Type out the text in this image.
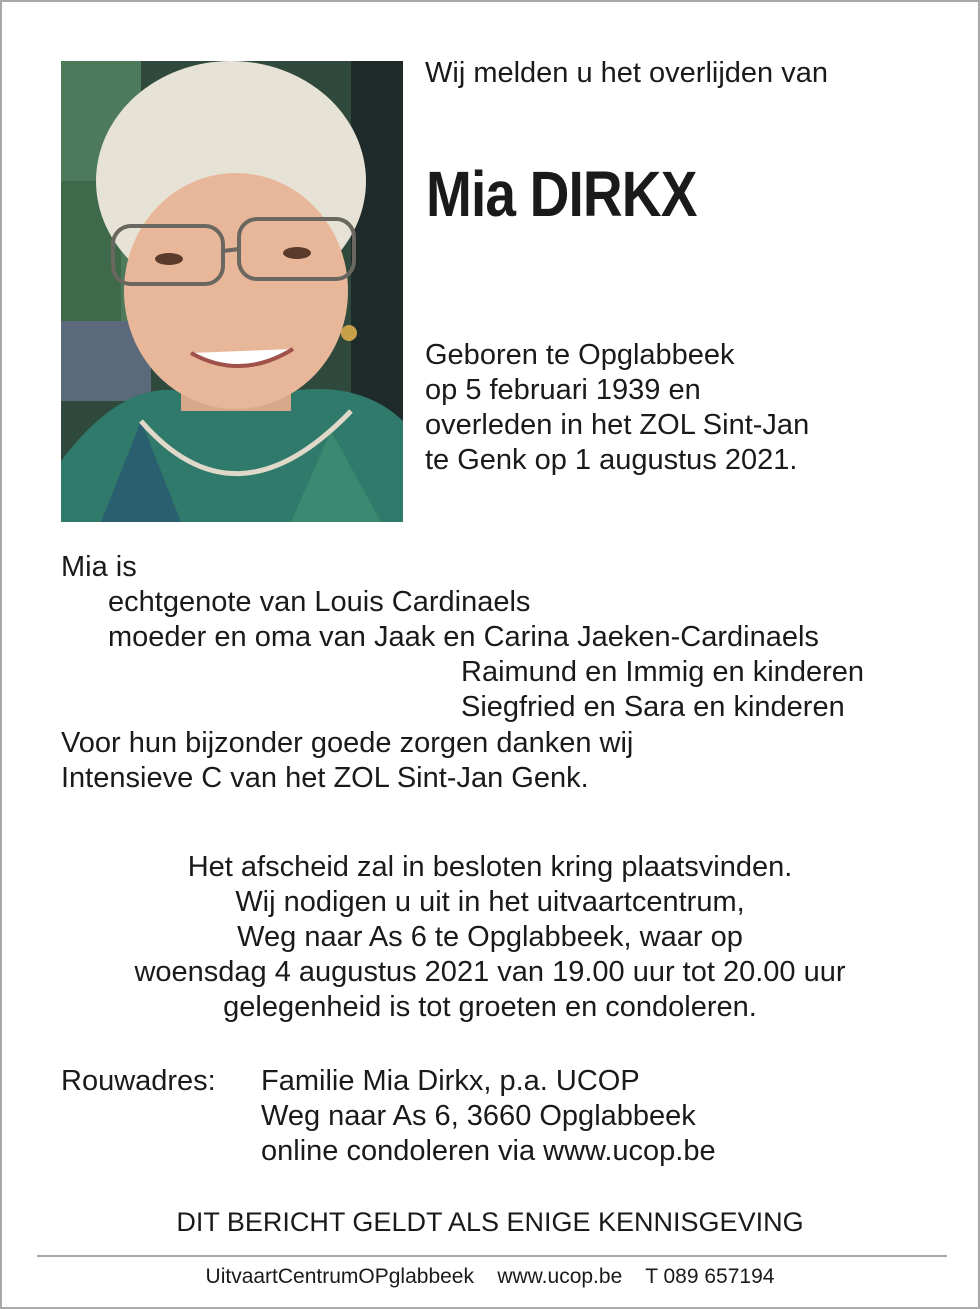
Wij melden u het overlijden van
Mia DIRKX
Geboren te Opglabbeek
op 5 februari 1939 en
overleden in het ZOL Sint-Jan
te Genk op 1 augustus 2021.
Mia is
echtgenote van Louis Cardinaels
moeder en oma van Jaak en Carina Jaeken-Cardinaels
Raimund en Immig en kinderen
Siegfried en Sara en kinderen
Voor hun bijzonder goede zorgen danken wij
Intensieve C van het ZOL Sint-Jan Genk.
Het afscheid zal in besloten kring plaatsvinden.
Wij nodigen u uit in het uitvaartcentrum,
Weg naar As 6 te Opglabbeek, waar op
woensdag 4 augustus 2021 van 19.00 uur tot 20.00 uur
gelegenheid is tot groeten en condoleren.
Rouwadres: Familie Mia Dirkx, p.a. UCOP
Weg naar As 6, 3660 Opglabbeek
online condoleren via www.ucop.be
DIT BERICHT GELDT ALS ENIGE KENNISGEVING
UitvaartCentrumOPglabbeek www.ucop.be T 089 657194
